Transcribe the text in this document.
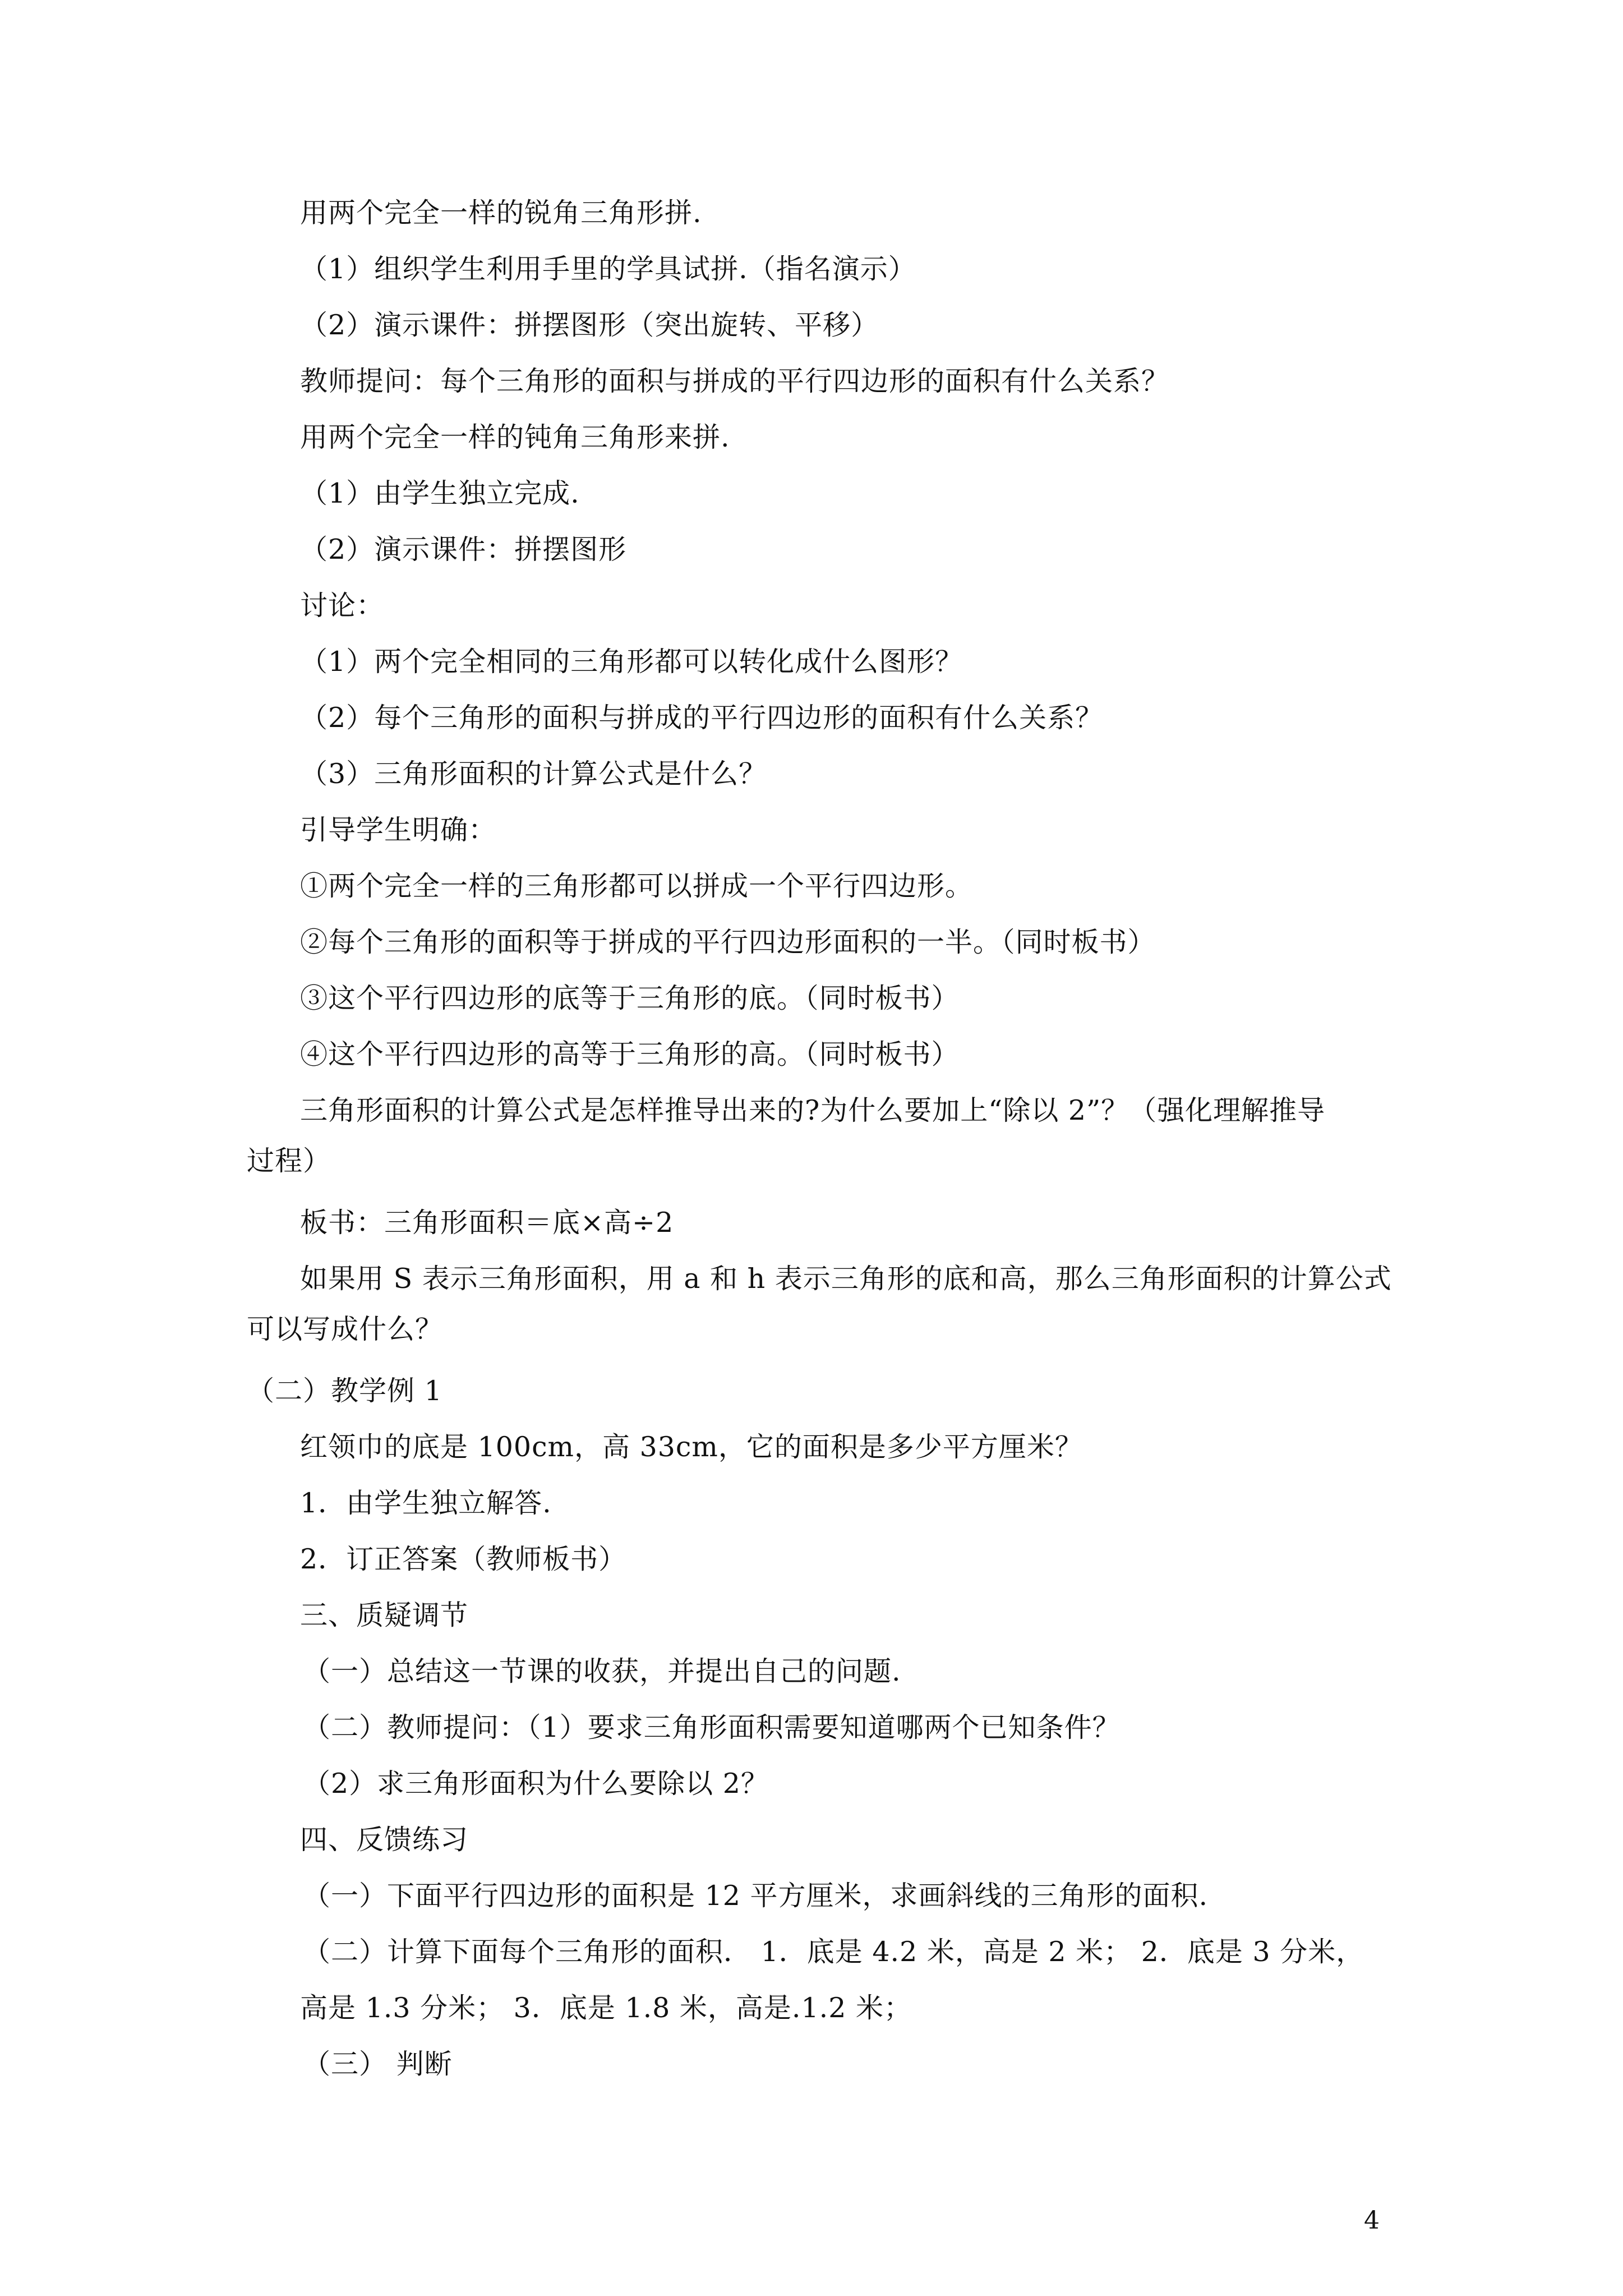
用两个完全一样的锐角三角形拼.
（1）组织学生利用手里的学具试拼.（指名演示）
（2）演示课件：拼摆图形（突出旋转、平移）
教师提问：每个三角形的面积与拼成的平行四边形的面积有什么关系？
用两个完全一样的钝角三角形来拼.
（1）由学生独立完成.
（2）演示课件：拼摆图形
讨论：
（1）两个完全相同的三角形都可以转化成什么图形？
（2）每个三角形的面积与拼成的平行四边形的面积有什么关系？
（3）三角形面积的计算公式是什么？
引导学生明确：
①两个完全一样的三角形都可以拼成一个平行四边形。
②每个三角形的面积等于拼成的平行四边形面积的一半。（同时板书）
③这个平行四边形的底等于三角形的底。（同时板书）
④这个平行四边形的高等于三角形的高。（同时板书）
三角形面积的计算公式是怎样推导出来的?为什么要加上“除以 2”？（强化理解推导
过程）
板书：三角形面积＝底×高÷2
如果用 S 表示三角形面积，用 a 和 h 表示三角形的底和高，那么三角形面积的计算公式
可以写成什么？
（二）教学例 1
红领巾的底是 100cm，高 33cm，它的面积是多少平方厘米？
1．由学生独立解答.
2．订正答案（教师板书）
三、质疑调节
（一）总结这一节课的收获，并提出自己的问题.
（二）教师提问：（1）要求三角形面积需要知道哪两个已知条件？
（2）求三角形面积为什么要除以 2？
四、反馈练习
（一）下面平行四边形的面积是 12 平方厘米，求画斜线的三角形的面积.
（二）计算下面每个三角形的面积． 1．底是 4.2 米，高是 2 米； 2．底是 3 分米，
高是 1.3 分米； 3．底是 1.8 米，高是.1.2 米；
（三） 判断
4
